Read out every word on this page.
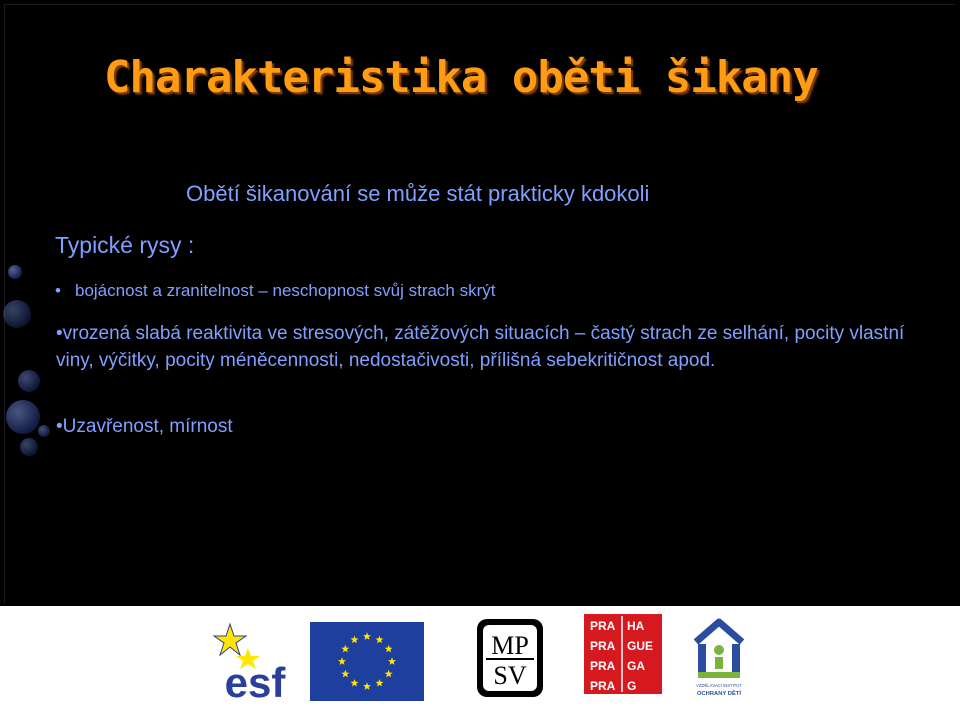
Charakteristika oběti šikany
Obětí šikanování se může stát prakticky kdokoli
Typické rysy :
• bojácnost a zranitelnost – neschopnost svůj strach skrýt
•vrozená slabá reaktivita ve stresových, zátěžových situacích – častý strach ze selhání, pocity vlastní viny, výčitky, pocity méněcennosti, nedostačivosti, přílišná sebekritičnost apod.
•Uzavřenost, mírnost
esf
MP
SV
PRA HA
PRA GUE
PRA GA
PRA G	VZDĚLÁVACÍ INSTITUT
OCHRANY DĚTÍ
